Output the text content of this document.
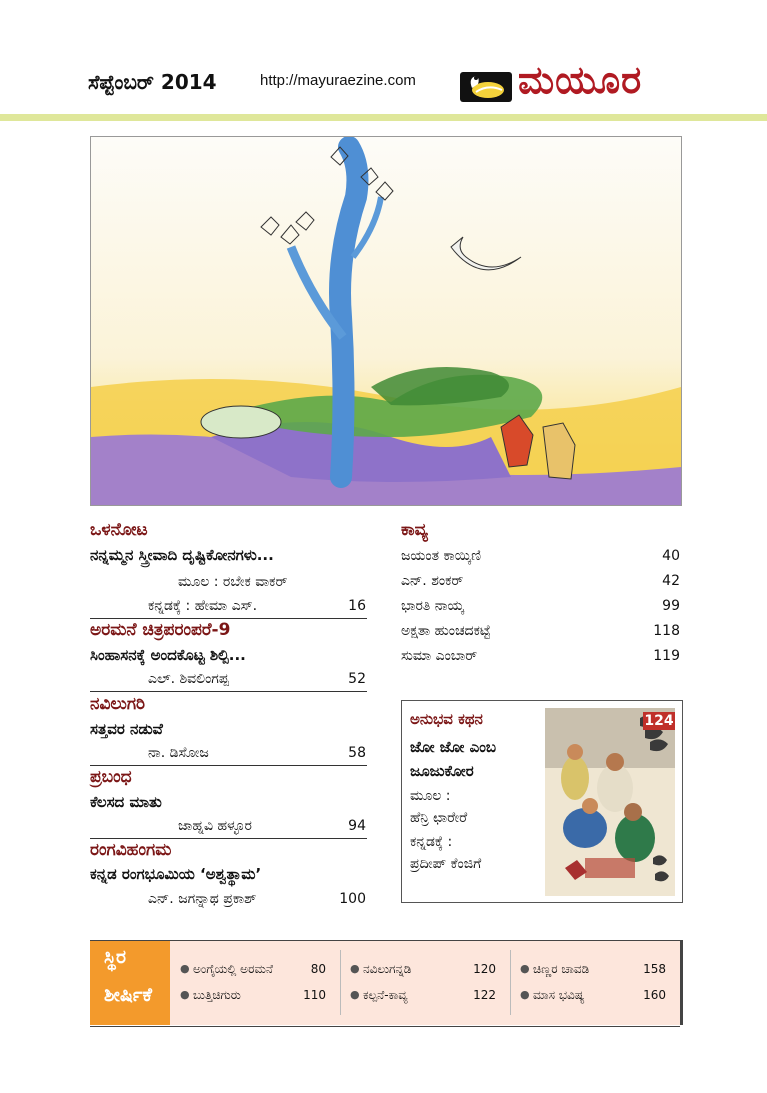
ಸೆಪ್ಟೆಂಬರ್ 2014	http://mayuraezine.com	ಮಯೂರ
ಒಳನೋಟ
ನನ್ನಮ್ಮನ ಸ್ತ್ರೀವಾದಿ ದೃಷ್ಟಿಕೋನಗಳು...
ಮೂಲ : ರಬೇಕ ವಾಕರ್
ಕನ್ನಡಕ್ಕೆ : ಹೇಮಾ ಎಸ್.	16
ಅರಮನೆ ಚಿತ್ರಪರಂಪರೆ-9
ಸಿಂಹಾಸನಕ್ಕೆ ಅಂದಕೊಟ್ಟ ಶಿಲ್ಪಿ...
ಎಲ್. ಶಿವಲಿಂಗಪ್ಪ	52
ನವಿಲುಗರಿ
ಸತ್ತವರ ನಡುವೆ
ನಾ. ಡಿಸೋಜ	58
ಪ್ರಬಂಧ
ಕೆಲಸದ ಮಾತು
ಜಾಹ್ನವಿ ಹಳ್ಳೂರ	94
ರಂಗವಿಹಂಗಮ
ಕನ್ನಡ ರಂಗಭೂಮಿಯ ‘ಅಶ್ವತ್ಥಾಮ’
ಎನ್. ಜಗನ್ನಾಥ ಪ್ರಕಾಶ್	100
ಕಾವ್ಯ
ಜಯಂತ ಕಾಯ್ಕಿಣಿ	40
ಎನ್. ಶಂಕರ್	42
ಭಾರತಿ ನಾಯ್ಕ	99
ಅಕ್ಷತಾ ಹುಂಚದಕಟ್ಟೆ	118
ಸುಮಾ ಎಂಬಾರ್	119
ಅನುಭವ ಕಥನ
ಜೋ ಜೋ ಎಂಬ
ಜೂಜುಕೋರ
ಮೂಲ :
ಹೆನ್ರಿ ಛಾರೇರೆ
ಕನ್ನಡಕ್ಕೆ :
ಪ್ರದೀಪ್ ಕೆಂಜಿಗೆ
124
ಸ್ಥಿರ
ಶೀರ್ಷಿಕೆ
● ಅಂಗೈಯಲ್ಲಿ ಅರಮನೆ	80 ● ನವಿಲುಗನ್ನಡಿ	120 ● ಚಿಣ್ಣರ ಚಾವಡಿ	158
● ಬುತ್ತಿಚಿಗುರು	110 ● ಕಲ್ಪನೆ-ಕಾವ್ಯ	122 ● ಮಾಸ ಭವಿಷ್ಯ	160
